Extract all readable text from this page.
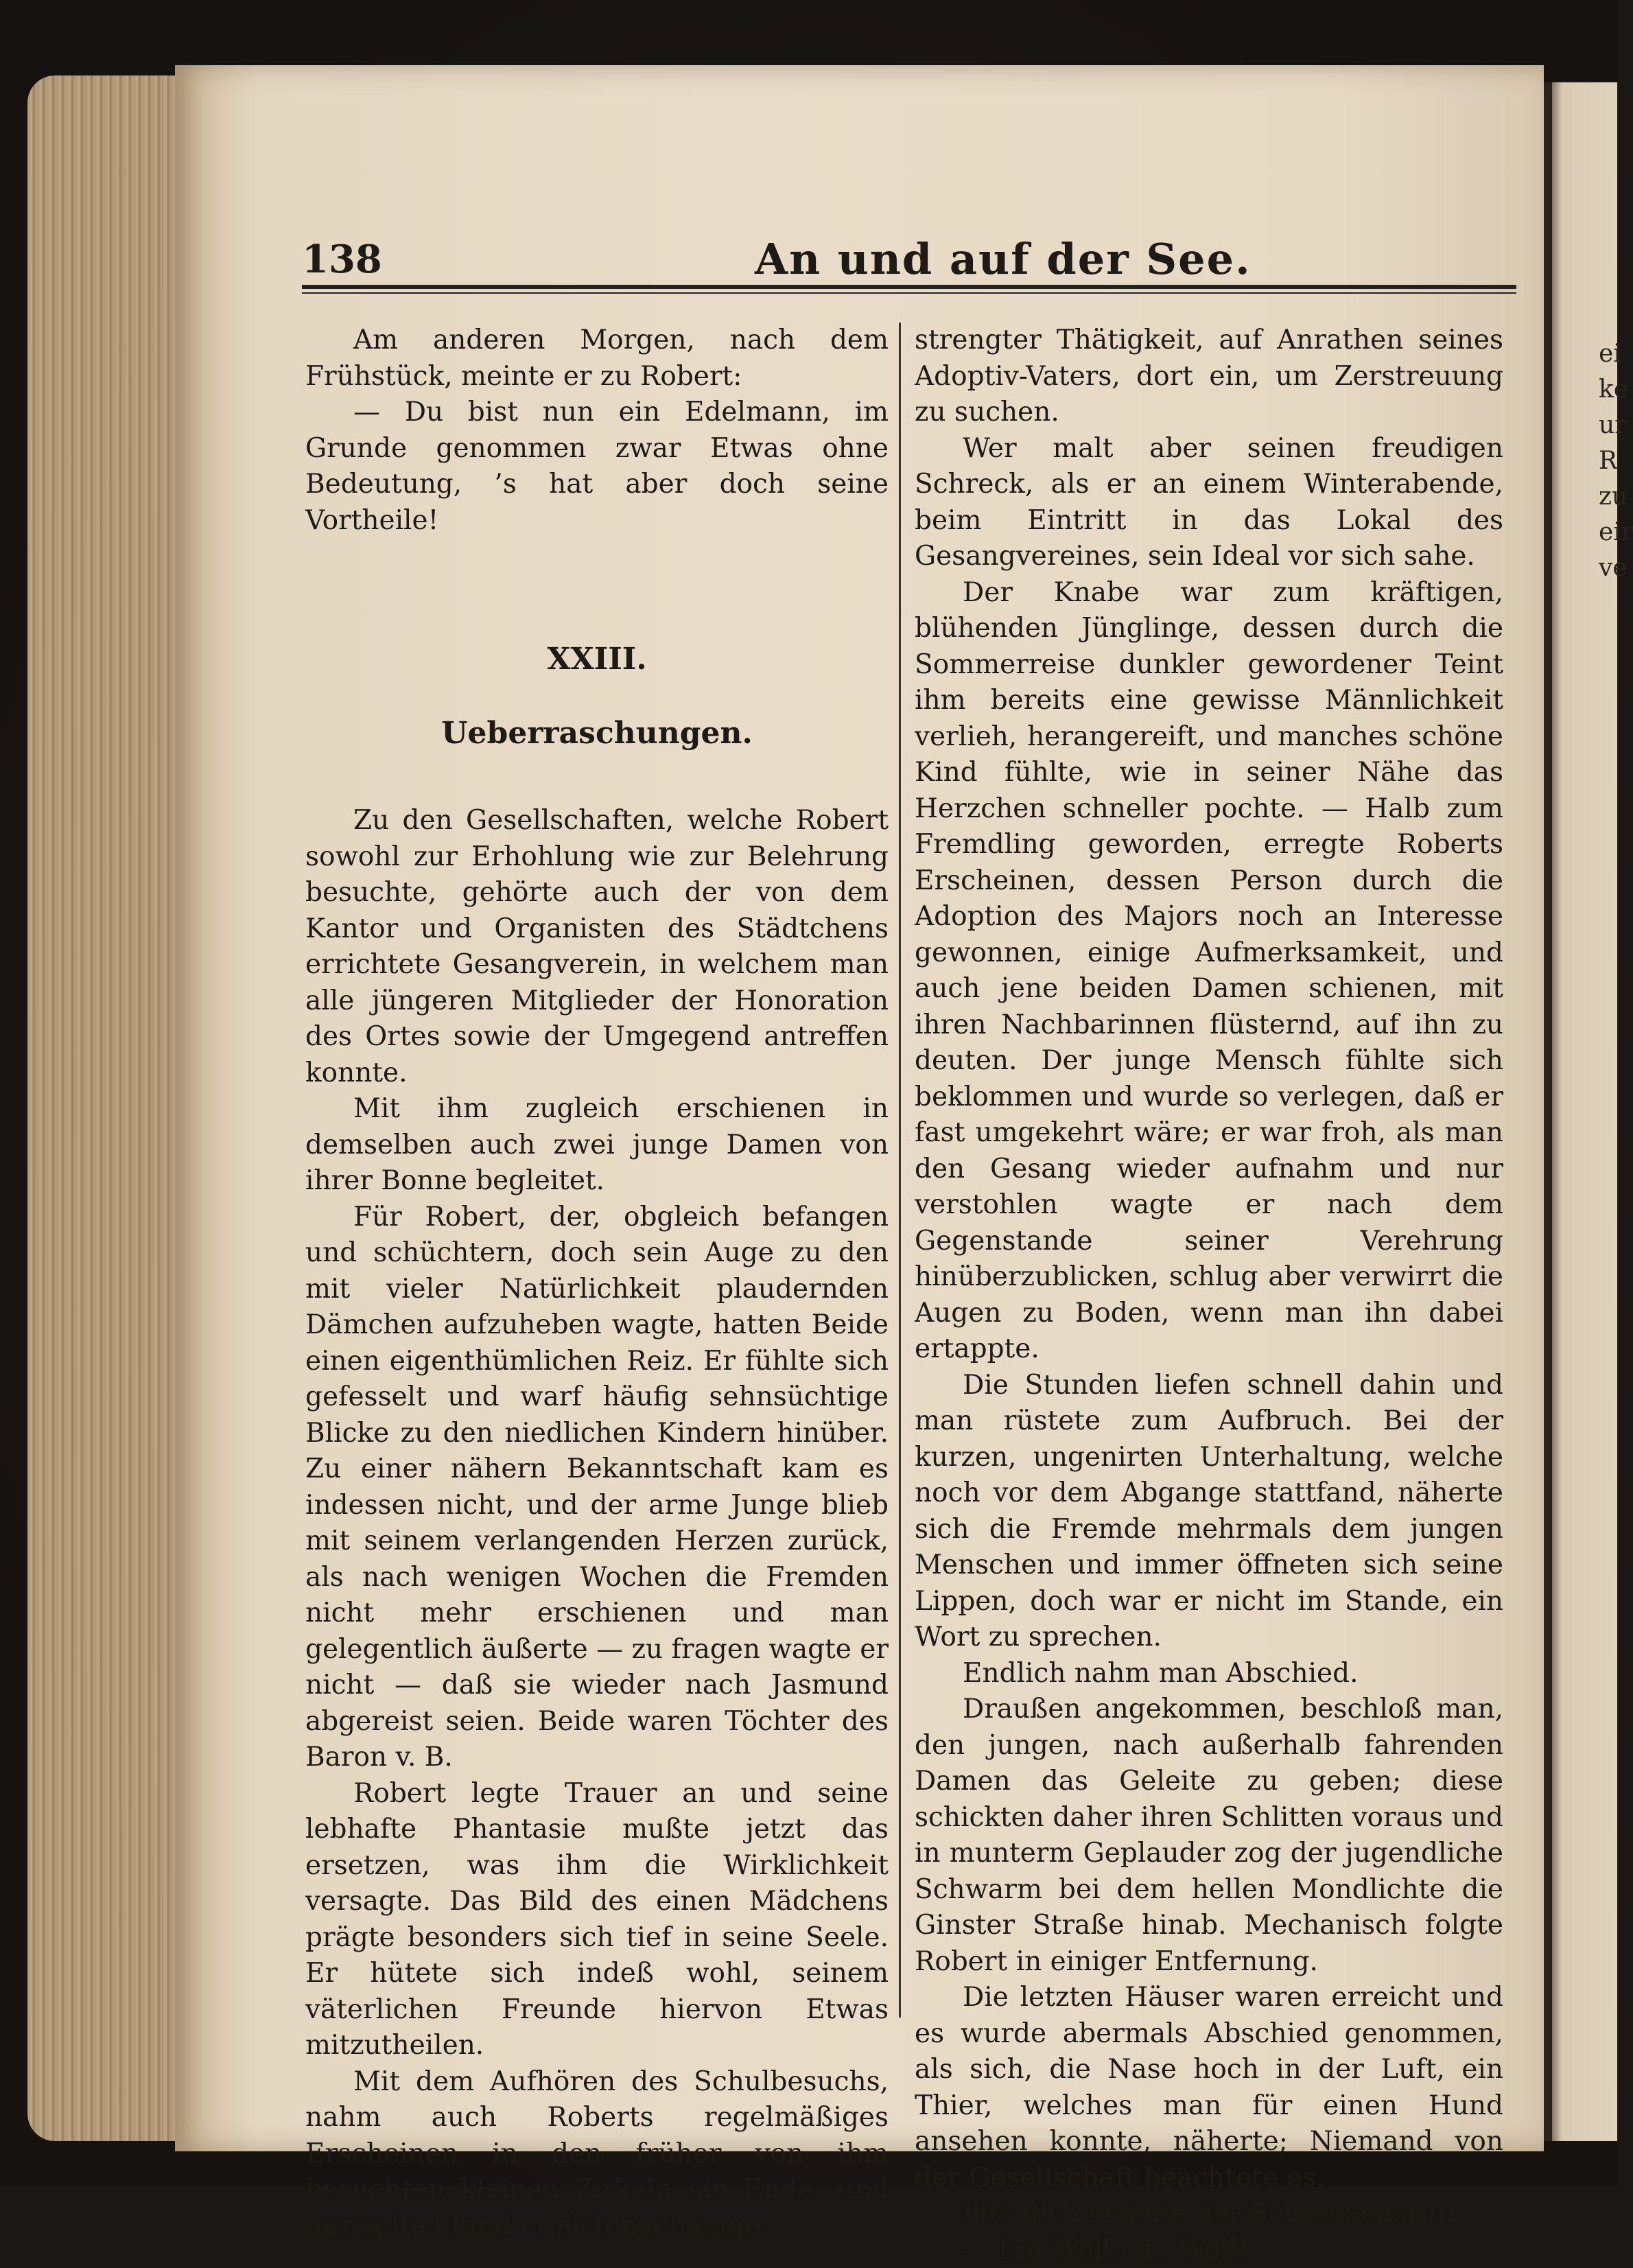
138	An und auf der See.

Am anderen Morgen, nach dem Frühstück, meinte er zu Robert:

— Du bist nun ein Edelmann, im Grunde genommen zwar Etwas ohne Bedeutung, ’s hat aber doch seine Vortheile!

XXIII.
Ueberraschungen.

Zu den Gesellschaften, welche Robert sowohl zur Erhohlung wie zur Belehrung besuchte, gehörte auch der von dem Kantor und Organisten des Städtchens errichtete Gesangverein, in welchem man alle jüngeren Mitglieder der Honoration des Ortes sowie der Umgegend antreffen konnte.

Mit ihm zugleich erschienen in demselben auch zwei junge Damen von ihrer Bonne begleitet.

Für Robert, der, obgleich befangen und schüchtern, doch sein Auge zu den mit vieler Natürlichkeit plaudernden Dämchen aufzuheben wagte, hatten Beide einen eigenthümlichen Reiz. Er fühlte sich gefesselt und warf häufig sehnsüchtige Blicke zu den niedlichen Kindern hinüber. Zu einer nähern Bekanntschaft kam es indessen nicht, und der arme Junge blieb mit seinem verlangenden Herzen zurück, als nach wenigen Wochen die Fremden nicht mehr erschienen und man gelegentlich äußerte — zu fragen wagte er nicht — daß sie wieder nach Jasmund abgereist seien. Beide waren Töchter des Baron v. B.

Robert legte Trauer an und seine lebhafte Phantasie mußte jetzt das ersetzen, was ihm die Wirklichkeit versagte. Das Bild des einen Mädchens prägte besonders sich tief in seine Seele. Er hütete sich indeß wohl, seinem väterlichen Freunde hiervon Etwas mitzutheilen.

Mit dem Aufhören des Schulbesuchs, nahm auch Roberts regelmäßiges Erscheinen in den früher von ihm besuchten kleinen Zirkeln ein Ende; und nur selten fand er sich nach ange-

strengter Thätigkeit, auf Anrathen seines Adoptiv-Vaters, dort ein, um Zerstreuung zu suchen.

Wer malt aber seinen freudigen Schreck, als er an einem Winterabende, beim Eintritt in das Lokal des Gesangvereines, sein Ideal vor sich sahe.

Der Knabe war zum kräftigen, blühenden Jünglinge, dessen durch die Sommerreise dunkler gewordener Teint ihm bereits eine gewisse Männlichkeit verlieh, herangereift, und manches schöne Kind fühlte, wie in seiner Nähe das Herzchen schneller pochte. — Halb zum Fremdling geworden, erregte Roberts Erscheinen, dessen Person durch die Adoption des Majors noch an Interesse gewonnen, einige Aufmerksamkeit, und auch jene beiden Damen schienen, mit ihren Nachbarinnen flüsternd, auf ihn zu deuten. Der junge Mensch fühlte sich beklommen und wurde so verlegen, daß er fast umgekehrt wäre; er war froh, als man den Gesang wieder aufnahm und nur verstohlen wagte er nach dem Gegenstande seiner Verehrung hinüberzublicken, schlug aber verwirrt die Augen zu Boden, wenn man ihn dabei ertappte.

Die Stunden liefen schnell dahin und man rüstete zum Aufbruch. Bei der kurzen, ungenirten Unterhaltung, welche noch vor dem Abgange stattfand, näherte sich die Fremde mehrmals dem jungen Menschen und immer öffneten sich seine Lippen, doch war er nicht im Stande, ein Wort zu sprechen.

Endlich nahm man Abschied.

Draußen angekommen, beschloß man, den jungen, nach außerhalb fahrenden Damen das Geleite zu geben; diese schickten daher ihren Schlitten voraus und in munterm Geplauder zog der jugendliche Schwarm bei dem hellen Mondlichte die Ginster Straße hinab. Mechanisch folgte Robert in einiger Entfernung.

Die letzten Häuser waren erreicht und es wurde abermals Abschied genommen, als sich, die Nase hoch in der Luft, ein Thier, welches man für einen Hund ansehen konnte, näherte; Niemand von der Gesellschaft beachtete es.

Plötzlich ertönte der Schreckensruf:

— Ein Wolf, ein Wolf!

ei
ke
ur
R
zu
eir
ve
